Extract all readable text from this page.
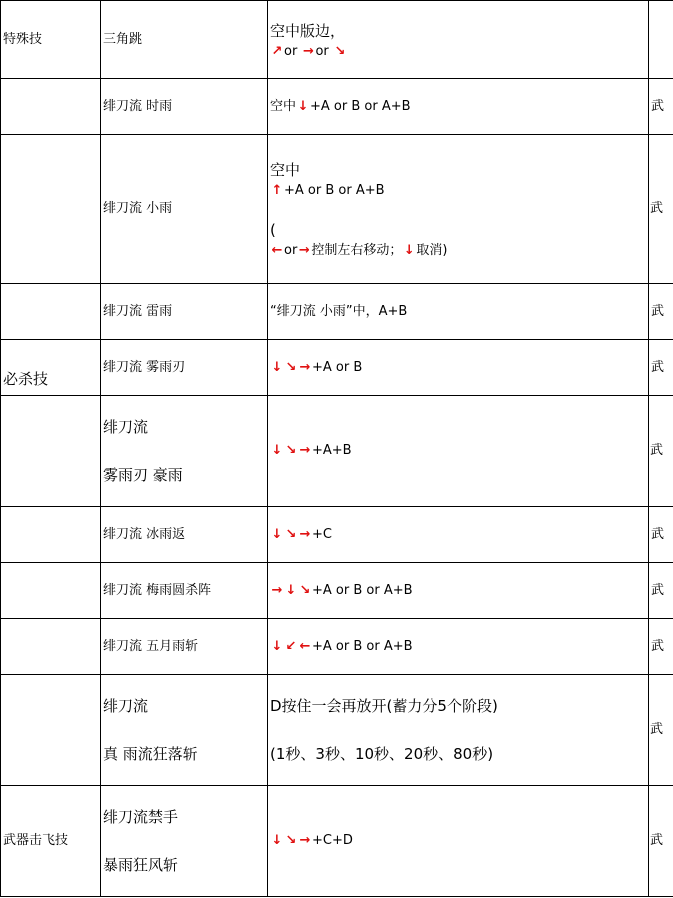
特殊技	三角跳	空中版边，
↗ or → or ↘	

	绯刀流 时雨	空中 ↓ +A or B or A+B	武
	绯刀流 小雨	空中
↑ +A or B or A+B
(
← or → 控制左右移动； ↓ 取消)	武
	绯刀流 雷雨	“绯刀流 小雨”中，A+B	武
必杀技	绯刀流 雾雨刃	↓ ↘ → +A or B	武

	绯刀流
雾雨刃 豪雨	↓ ↘ → +A+B	武
	绯刀流 冰雨返	↓ ↘ → +C	武
	绯刀流 梅雨圆杀阵	→ ↓ ↘ +A or B or A+B	武
	绯刀流 五月雨斩	↓ ↙ ← +A or B or A+B	武

	绯刀流
真 雨流狂落斩	D按住一会再放开(蓄力分5个阶段)
(1秒、3秒、10秒、20秒、80秒)	武
武器击飞技	绯刀流禁手
暴雨狂风斩	↓ ↘ → +C+D	武
